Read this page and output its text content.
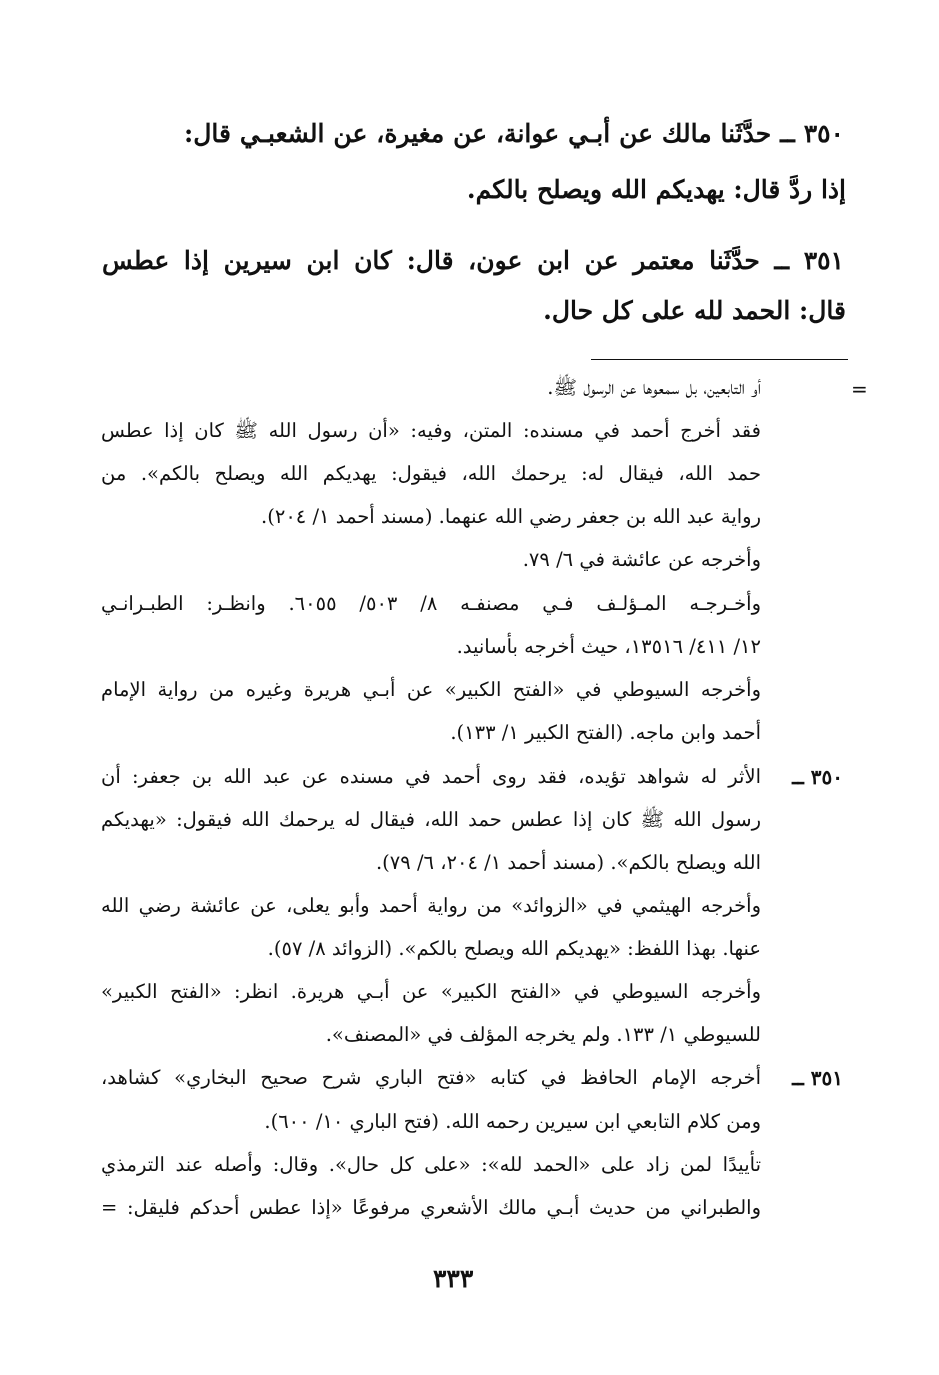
٣٥٠ ــ حدَّثَنا مالك عن أبـي عوانة، عن مغيرة، عن الشعبـي قال:
إذا ردَّ قال: يهديكم الله ويصلح بالكم.
٣٥١ ــ حدَّثَنا معتمر عن ابن عون، قال: كان ابن سيرين إذا عطس
قال: الحمد لله على كل حال.
=
٣٥٠ ــ
٣٥١ ــ
أو التابعين، بل سمعوها عن الرسول ﷺ.
فقد أخرج أحمد في مسنده: المتن، وفيه: «أن رسول الله ﷺ كان إذا عطس
حمد الله، فيقال له: يرحمك الله، فيقول: يهديكم الله ويصلح بالكم». من
رواية عبد الله بن جعفر رضي الله عنهما. (مسند أحمد ١/ ٢٠٤).
وأخرجه عن عائشة في ٦/ ٧٩.
وأخـرجـه المـؤلـف فـي مصنفـه ٨/ ٥٠٣/ ٦٠٥٥. وانظـر: الطبـرانـي
١٢/ ٤١١/ ١٣٥١٦، حيث أخرجه بأسانيد.
وأخرجه السيوطي في «الفتح الكبير» عن أبـي هريرة وغيره من رواية الإمام
أحمد وابن ماجه. (الفتح الكبير ١/ ١٣٣).
الأثر له شواهد تؤيده، فقد روى أحمد في مسنده عن عبد الله بن جعفر: أن
رسول الله ﷺ كان إذا عطس حمد الله، فيقال له يرحمك الله فيقول: «يهديكم
الله ويصلح بالكم». (مسند أحمد ١/ ٢٠٤، ٦/ ٧٩).
وأخرجه الهيثمي في «الزوائد» من رواية أحمد وأبو يعلى، عن عائشة رضي الله
عنها. بهذا اللفظ: «يهديكم الله ويصلح بالكم». (الزوائد ٨/ ٥٧).
وأخرجه السيوطي في «الفتح الكبير» عن أبـي هريرة. انظر: «الفتح الكبير»
للسيوطي ١/ ١٣٣. ولم يخرجه المؤلف في «المصنف».
أخرجه الإمام الحافظ في كتابه «فتح الباري شرح صحيح البخاري» كشاهد،
ومن كلام التابعي ابن سيرين رحمه الله. (فتح الباري ١٠/ ٦٠٠).
تأييدًا لمن زاد على «الحمد لله»: «على كل حال». وقال: وأصله عند الترمذي
والطبراني من حديث أبـي مالك الأشعري مرفوعًا «إذا عطس أحدكم فليقل: =
٣٣٣
